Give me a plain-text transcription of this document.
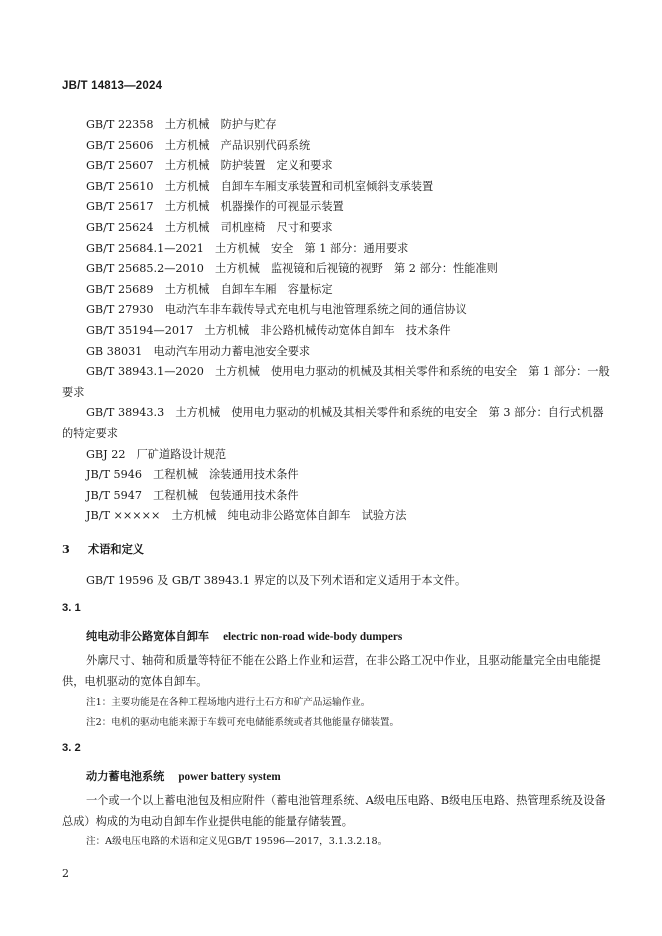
JB/T 14813—2024
GB/T 22358　土方机械　防护与贮存
GB/T 25606　土方机械　产品识别代码系统
GB/T 25607　土方机械　防护装置　定义和要求
GB/T 25610　土方机械　自卸车车厢支承装置和司机室倾斜支承装置
GB/T 25617　土方机械　机器操作的可视显示装置
GB/T 25624　土方机械　司机座椅　尺寸和要求
GB/T 25684.1—2021　土方机械　安全　第 1 部分：通用要求
GB/T 25685.2—2010　土方机械　监视镜和后视镜的视野　第 2 部分：性能准则
GB/T 25689　土方机械　自卸车车厢　容量标定
GB/T 27930　电动汽车非车载传导式充电机与电池管理系统之间的通信协议
GB/T 35194—2017　土方机械　非公路机械传动宽体自卸车　技术条件
GB 38031　电动汽车用动力蓄电池安全要求
GB/T 38943.1—2020　土方机械　使用电力驱动的机械及其相关零件和系统的电安全　第 1 部分：一般要求
GB/T 38943.3　土方机械　使用电力驱动的机械及其相关零件和系统的电安全　第 3 部分：自行式机器的特定要求
GBJ 22　厂矿道路设计规范
JB/T 5946　工程机械　涂装通用技术条件
JB/T 5947　工程机械　包装通用技术条件
JB/T ×××××　土方机械　纯电动非公路宽体自卸车　试验方法
3 术语和定义
GB/T 19596 及 GB/T 38943.1 界定的以及下列术语和定义适用于本文件。
3. 1
纯电动非公路宽体自卸车 electric non-road wide-body dumpers
外廓尺寸、轴荷和质量等特征不能在公路上作业和运营，在非公路工况中作业，且驱动能量完全由电能提供，电机驱动的宽体自卸车。
注1：主要功能是在各种工程场地内进行土石方和矿产品运输作业。
注2：电机的驱动电能来源于车载可充电储能系统或者其他能量存储装置。
3. 2
动力蓄电池系统 power battery system
一个或一个以上蓄电池包及相应附件（蓄电池管理系统、A级电压电路、B级电压电路、热管理系统及设备总成）构成的为电动自卸车作业提供电能的能量存储装置。
注：A级电压电路的术语和定义见GB/T 19596—2017，3.1.3.2.18。
2
